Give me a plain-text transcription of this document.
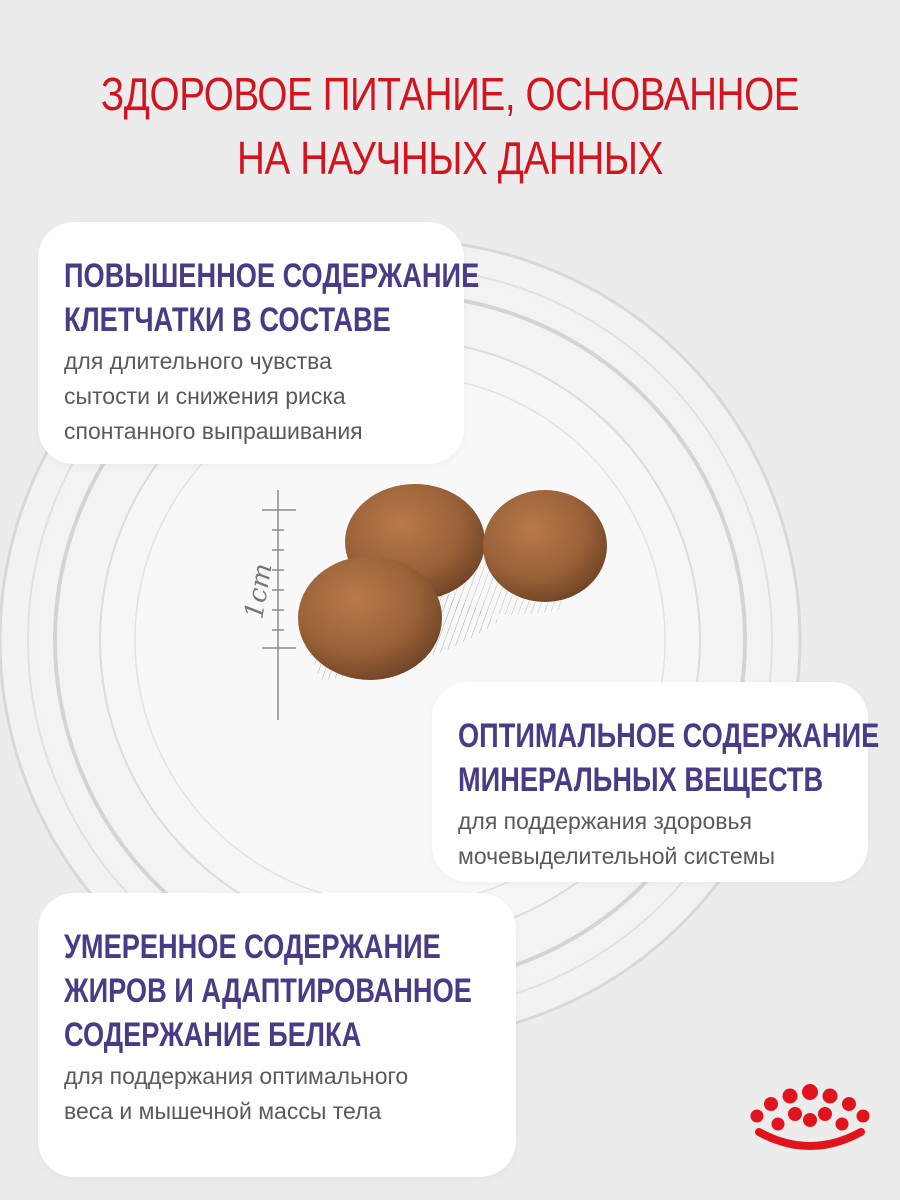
ЗДОРОВОЕ ПИТАНИЕ, ОСНОВАННОЕ
НА НАУЧНЫХ ДАННЫХ
1cm
ПОВЫШЕННОЕ СОДЕРЖАНИЕ
КЛЕТЧАТКИ В СОСТАВЕ
для длительного чувства
сытости и снижения риска
спонтанного выпрашивания
ОПТИМАЛЬНОЕ СОДЕРЖАНИЕ
МИНЕРАЛЬНЫХ ВЕЩЕСТВ
для поддержания здоровья
мочевыделительной системы
УМЕРЕННОЕ СОДЕРЖАНИЕ
ЖИРОВ И АДАПТИРОВАННОЕ
СОДЕРЖАНИЕ БЕЛКА
для поддержания оптимального
веса и мышечной массы тела
